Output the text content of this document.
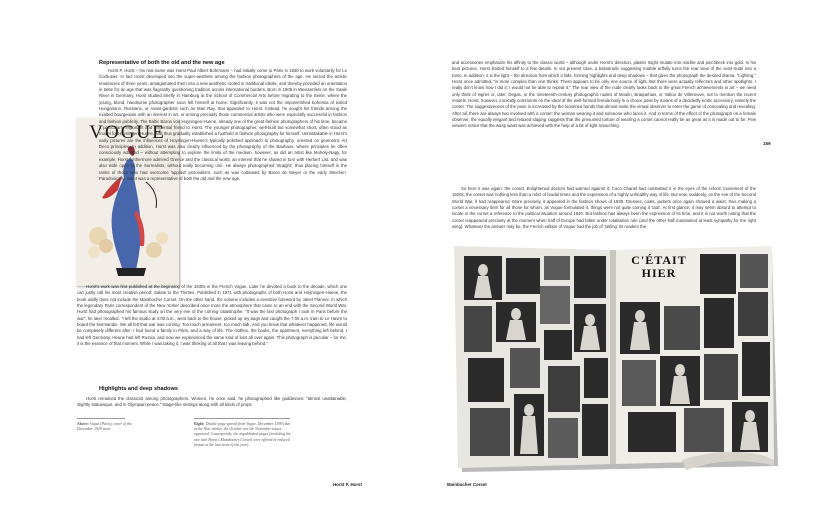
Representative of both the old and the new age
VOGUE

Horst P. Horst – his real name was Horst Paul Albert Bohrmann – had initially come to Paris in 1930 to work voluntarily for Le Corbusier. In fact Horst developed into the super-aesthete among the fashion photographers of the age. He seized the artistic tendencies of three years, amalgamated them into a new aesthetic rooted in traditional ideals, and thereby provided an orientation in taste for an age that was flagrantly questioning tradition across international borders. Born in 1906 in Weissenfels on the Saale River in Germany, Horst studied briefly in Hamburg at the School of Commercial Arts before migrating to the Seine, where the young, blond, handsome photographer soon felt himself at home. Significantly, it was not the impoverished bohemia of exiled Hungarians, Russians, or Avant-gardists such as Man Ray, that appealed to Horst. Instead, he sought his friends among the exalted bourgeoisie with an interest in art, or among precisely those commercial artists who were especially successful in fashion and fashion publicity. The Baltic Baron von Hoyningen-Huene, already one of the great fashion photographers of his time, became a particularly important and influential friend to Horst. The younger photographer, well-built but somewhat short, often stood as model for Hoyningen-Huene, and thus gradually established a foothold in fashion photography for himself. Unmistakable in Horst's early pictures are the influences of Hoyningen-Huene's typically polished approach to photography, oriented on geometric Art Deco principles. In addition, Horst was also clearly influenced by the photography of the Bauhaus, whose principles he often consciously adopted – without attempting to explore the limits of the medium, however, as did an artist like Moholy-Nagy, for example. Horst furthermore admired Greece and the classical world, an interest that he shared in turn with Herbert List, and was also wide open to the Surrealists, without really becoming one. He always photographed 'straight', thus placing himself in the ranks of those who had overcome 'applied' pictorialism, such as was cultivated by Baron de Meyer or the early Steichen. Paradoxically, Horst was a representative of both the old and the new age.

Horst's work was first published at the beginning of the 1930s in the French Vogue. Later he devoted a book to the decade, which one can justly call his most creative period: Salute to the Thirties. Published in 1971 with photographs of both Horst and Hoyningen-Huene, the book oddly does not include the Mainbocher Corset. On the other hand, the volume includes a sensitive foreword by Janet Flanner, in which the legendary Paris correspondent of the New Yorker described once more the atmosphere that came to an end with the Second World War. Horst had photographed his famous study on the very eve of the coming catastrophe. "It was the last photograph I took in Paris before the war", he later recalled. "I left the studio at 4:00 a.m., went back to the house, picked up my bags and caught the 7:00 a.m. train to Le Havre to board the Normandie. We all felt that war was coming. Too much armament, too much talk. And you knew that whatever happened, life would be completely different after. I had found a family in Paris, and a way of life. The clothes, the books, the apartment, everything left behind. I had left Germany, Heune had left Russia, and now we experienced the same kind of loss all over again. This photograph is peculiar – for me, it is the essence of that moment. While I was taking it, I was thinking of all that I was leaving behind."

Highlights and deep shadows

Horst remained the classicist among photographers. Women, he once said, he photographed like goddesses: "almost unattainable, slightly statuesque, and in Olympian peace." Stage-like settings along with all kinds of props

Above: Vogue (Paris), cover of the December 1929 issue
Right: Double page spread from Vogue, December 1939 (due to the War, neither the October nor the November issues appeared. Consequently, the unpublished pages (including the one with Horst's Mainbocher Corset) were offered in reduced format in the last issue of the year).
Horst P. Horst

and accessories emphasize his affinity to the classic world – although under Horst's direction, plaster might mutate into marble and pinchbeck into gold. In his best pictures, Horst limited himself to a few details. In our present case, a balustrade suggesting marble artfully turns the rear view of the semi-nude into a torso. In addition, it is the light – the direction from which it falls, forming highlights and deep shadows – that gives the photograph the desired drama. "Lighting," Horst once admitted, "is more complex than one thinks. There appears to be only one source of light. But there were actually reflectors and other spotlights. I really don't know how I did it; I would not be able to repeat it." The rear view of the nude clearly looks back to the great French achievements in art – we need only think of Ingres or, later, Degas, or the nineteenth-century photographic nudes of Moulin, Braquehais, or Vallou de Villeneuve, not to mention the recent models. Horst, however, ironically comments on the ideal of the well-formed female body in a choice pose by means of a decidedly erotic accessory, namely the corset. The suggestiveness of the pose is increased by the loosened bands that almost invite the virtual observer to enter the game of concealing and revealing. After all, there are always two involved with a corset: the woman wearing it and someone who laces it. And in terms of the effect of the photograph on a female observer, the equally elegant and relaxed staging suggests that the presumed torture of wearing a corset cannot really be as great as it is made out to be. Few viewers notice that the wasp waist was achieved with the help of a bit of light retouching.

159

So here it was again: the corset. Enlightened doctors had warned against it; Coco Chanel had combatted it in the eyes of the reform movement of the 1920s; the corset was nothing less than a relict of feudal times and the expression of a highly unhealthy way of life. But now, suddenly, on the eve of the Second World War, it had reappeared. More precisely, it appeared in the fashion shows of 1939. Dresses, coats, jackets once again showed a waist, thus making a corset a necessary item for all those for whom, as Vogue formulated it, things were not quite coming it 'taut'. At first glance, it may seem absurd to attempt to locate in the corset a reference to the political situation around 1940. But fashion has always been the expression of its time, and it is not worth noting that the corset reappeared precisely at the moment when half of Europe had fallen under totalitarian rule (and the other half maintained at least sympathy for the right wing). Whatever the answer may be, the French edition of Vogue had the job of 'selling' its readers the

Mainbocher Corset
C'ÉTAIT
HIER
